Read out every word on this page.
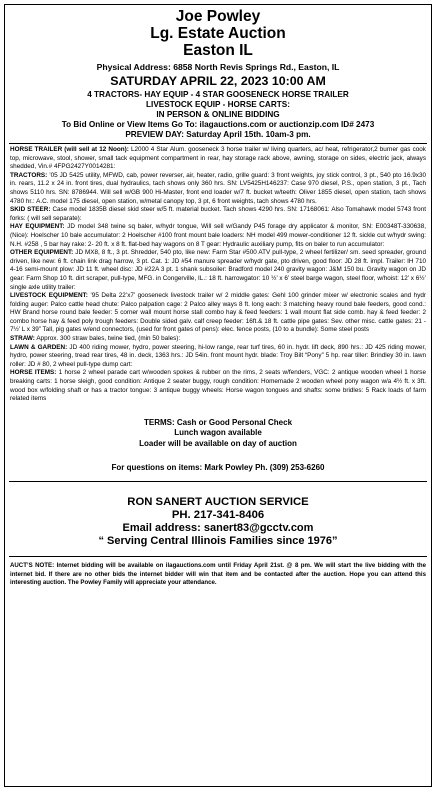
Joe Powley
Lg. Estate Auction
Easton IL
Physical Address: 6858 North Revis Springs Rd., Easton, IL
SATURDAY APRIL 22, 2023 10:00 AM
4 TRACTORS- HAY EQUIP - 4 STAR GOOSENECK HORSE TRAILER
LIVESTOCK EQUIP - HORSE CARTS:
IN PERSON & ONLINE BIDDING
To Bid Online or View Items Go To: ilagauctions.com or auctionzip.com ID# 2473
PREVIEW DAY: Saturday April 15th. 10am-3 pm.
HORSE TRAILER (will sell at 12 Noon): L2000 4 Star Alum. gooseneck 3 horse trailer w/ living quarters, ac/ heat, refrigerator,2 burner gas cook top, microwave, stool, shower, small tack equipment compartment in rear, hay storage rack above, awning, storage on sides, electric jack, always shedded, Vin.# 4FPG2427Y0014281:
TRACTORS: ’05 JD 5425 utility, MFWD, cab, power reverser, air, heater, radio, grille guard: 3 front weights, joy stick control, 3 pt., 540 pto 16.9x30 in. rears, 11.2 x 24 in. front tires, dual hydraulics, tach shows only 360 hrs. SN: LV5425H146237: Case 970 diesel, P.S., open station, 3 pt., Tach shows 5110 hrs. SN: 8786944. Will sell w/GB 900 Hi-Master, front end loader w/7 ft. bucket w/teeth: Oliver 1855 diesel, open station, tach shows 4780 hr.: A.C. model 175 diesel, open station, w/metal canopy top, 3 pt, 6 front weights, tach shows 4780 hrs.
SKID STEER: Case model 1835B diesel skid steer w/5 ft. material bucket. Tach shows 4290 hrs. SN: 17168061: Also Tomahawk model 5743 front forks: ( will sell separate):
HAY EQUIPMENT: JD model 348 twine sq baler, w/hydr tongue, Will sell w/Gandy P45 forage dry applicator & monitor, SN: E00348T-330638, (Nice): Hoelscher 10 bale accumulator: 2 Hoelscher #100 front mount bale loaders: NH model 499 mower-conditioner 12 ft. sickle cut w/hydr swing: N.H. #258 , 5 bar hay rake: 2- 20 ft. x 8 ft. flat-bed hay wagons on 8 T gear: Hydraulic auxiliary pump, fits on baler to run accumulator:
OTHER EQUIPMENT: JD MX8, 8 ft., 3 pt. Shredder, 540 pto, like new: Farm Star #500 ATV pull-type, 2 wheel fertilizer/ sm. seed spreader, ground driven, like new: 6 ft. chain link drag harrow, 3 pt. Cat. 1: JD #54 manure spreader w/hydr gate, pto driven, good floor: JD 28 ft. impl. Trailer: IH 710 4-16 semi-mount plow: JD 11 ft. wheel disc: JD #22A 3 pt. 1 shank subsoiler: Bradford model 240 gravity wagon: J&M 150 bu. Gravity wagon on JD gear: Farm Shop 10 ft. dirt scraper, pull-type, MFG. in Congerville, IL.: 18 ft. harrowgator: 10 ½’ x 6’ steel barge wagon, steel floor, w/hoist: 12’ x 6½’ single axle utility trailer:
LIVESTOCK EQUIPMENT: ’95 Delta 22’x7’ gooseneck livestock trailer w/ 2 middle gates: Gehl 100 grinder mixer w/ electronic scales and hydr folding auger: Palco cattle head chute: Palco palpation cage: 2 Palco alley ways 8 ft. long each: 3 matching heavy round bale feeders, good cond.: HW Brand horse round bale feeder: 5 corner wall mount horse stall combo hay & feed feeders: 1 wall mount flat side comb. hay & feed feeder: 2 combo horse hay & feed poly trough feeders: Double sided galv. calf creep feeder: 16ft.& 18 ft. cattle pipe gates: Sev. other misc. cattle gates: 21 - 7½’ L x 39” Tall, pig gates w/end connectors, (used for front gates of pens): elec. fence posts, (10 to a bundle): Some steel posts
STRAW: Approx. 300 straw bales, twine tied, (min 50 bales):
LAWN & GARDEN: JD 400 riding mower, hydro, power steering, hi-low range, rear turf tires, 60 in. hydr. lift deck, 890 hrs.: JD 425 riding mower, hydro, power steering, tread rear tires, 48 in. deck, 1363 hrs.: JD 54in. front mount hydr. blade: Troy Bilt “Pony” 5 hp. rear tiller: Brindley 30 in. lawn roller: JD # 80, 2 wheel pull-type dump cart:
HORSE ITEMS: 1 horse 2 wheel parade cart w/wooden spokes & rubber on the rims, 2 seats w/fenders, VGC: 2 antique wooden wheel 1 horse breaking carts: 1 horse sleigh, good condition: Antique 2 seater buggy, rough condition: Homemade 2 wooden wheel pony wagon w/a 4½ ft. x 3ft. wood box w/folding shaft or has a tractor tongue: 3 antique buggy wheels: Horse wagon tongues and shafts: some bridles: 5 Rack loads of farm related items
TERMS: Cash or Good Personal Check
Lunch wagon available
Loader will be available on day of auction
For questions on items: Mark Powley Ph. (309) 253-6260
RON SANERT AUCTION SERVICE
PH. 217-341-8406
Email address: sanert83@gcctv.com
“ Serving Central Illinois Families since 1976”
AUCT’S NOTE: Internet bidding will be available on ilagauctions.com until Friday April 21st. @ 8 pm. We will start the live bidding with the internet bid. If there are no other bids the internet bidder will win that item and be contacted after the auction. Hope you can attend this interesting auction. The Powley Family will appreciate your attendance.
